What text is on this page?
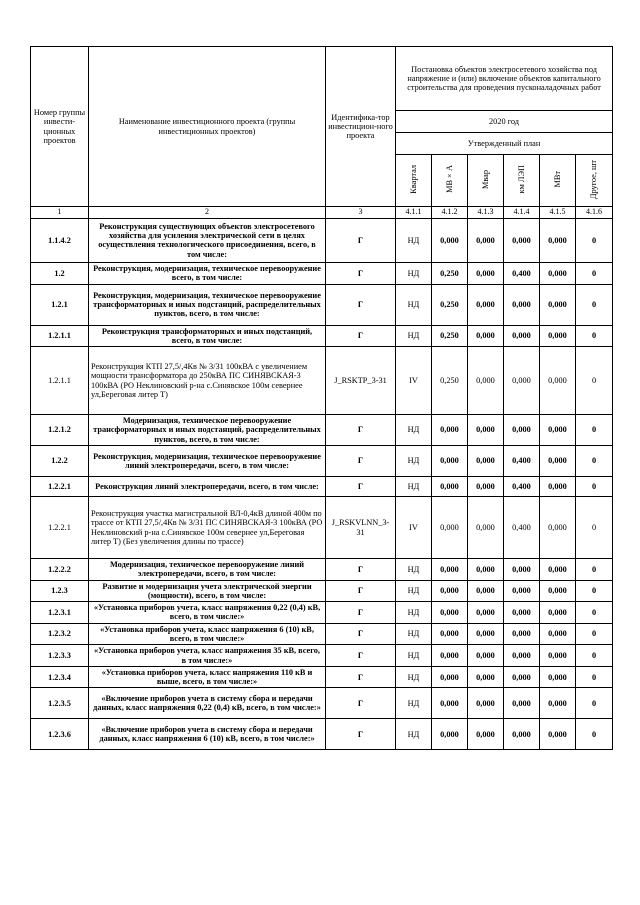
Номер группы инвести-ционных проектов	Наименование инвестиционного проекта (группы инвестиционных проектов)	Идентифика-тор инвестицион-ного проекта	Постановка объектов электросетевого хозяйства под напряжение и (или) включение объектов капитального строительства для проведения пусконаладочных работ					
			2020 год					
			Утвержденный план					
			Квартал	МВ×А	Мвар	км ЛЭП	МВт	Другое, шт
1	2	3	4.1.1	4.1.2	4.1.3	4.1.4	4.1.5	4.1.6
1.1.4.2	Реконструкция существующих объектов электросетевого хозяйства для усиления электрической сети в целях осуществления технологического присоединения, всего, в том числе:	Г	НД	0,000	0,000	0,000	0,000	0
1.2	Реконструкция, модернизация, техническое перевооружение всего, в том числе:	Г	НД	0,250	0,000	0,400	0,000	0
1.2.1	Реконструкция, модернизация, техническое перевооружение трансформаторных и иных подстанций, распределительных пунктов, всего, в том числе:	Г	НД	0,250	0,000	0,000	0,000	0
1.2.1.1	Реконструкция трансформаторных и иных подстанций, всего, в том числе:	Г	НД	0,250	0,000	0,000	0,000	0
1.2.1.1	Реконструкция КТП 27,5/,4Кв № 3/31 100кВА с увеличением мощности трансформатора до 250кВА ПС СИНЯВСКАЯ-3 100кВА (РО Неклиновский р-на с.Синявское 100м севернее ул,Береговая литер Т)	J_RSKTP_3-31	IV	0,250	0,000	0,000	0,000	0
1.2.1.2	Модернизация, техническое перевооружение трансформаторных и иных подстанций, распределительных пунктов, всего, в том числе:	Г	НД	0,000	0,000	0,000	0,000	0
1.2.2	Реконструкция, модернизация, техническое перевооружение линий электропередачи, всего, в том числе:	Г	НД	0,000	0,000	0,400	0,000	0
1.2.2.1	Реконструкция линий электропередачи, всего, в том числе:	Г	НД	0,000	0,000	0,400	0,000	0
1.2.2.1	Реконструкция участка магистральной ВЛ-0,4кВ длиной 400м по трассе от КТП 27,5/,4Кв № 3/31 ПС СИНЯВСКАЯ-3 100кВА (РО Неклиновский р-на с.Синявское 100м севернее ул,Береговая литер Т) (Без увеличения длины по трассе)	J_RSKVLNN_3-31	IV	0,000	0,000	0,400	0,000	0
1.2.2.2	Модернизация, техническое перевооружение линий электропередачи, всего, в том числе:	Г	НД	0,000	0,000	0,000	0,000	0
1.2.3	Развитие и модернизация учета электрической энергии (мощности), всего, в том числе:	Г	НД	0,000	0,000	0,000	0,000	0
1.2.3.1	«Установка приборов учета, класс напряжения 0,22 (0,4) кВ, всего, в том числе:»	Г	НД	0,000	0,000	0,000	0,000	0
1.2.3.2	«Установка приборов учета, класс напряжения 6 (10) кВ, всего, в том числе:»	Г	НД	0,000	0,000	0,000	0,000	0
1.2.3.3	«Установка приборов учета, класс напряжения 35 кВ, всего, в том числе:»	Г	НД	0,000	0,000	0,000	0,000	0
1.2.3.4	«Установка приборов учета, класс напряжения 110 кВ и выше, всего, в том числе:»	Г	НД	0,000	0,000	0,000	0,000	0
1.2.3.5	«Включение приборов учета в систему сбора и передачи данных, класс напряжения 0,22 (0,4) кВ, всего, в том числе:»	Г	НД	0,000	0,000	0,000	0,000	0
1.2.3.6	«Включение приборов учета в систему сбора и передачи данных, класс напряжения 6 (10) кВ, всего, в том числе:»	Г	НД	0,000	0,000	0,000	0,000	0
